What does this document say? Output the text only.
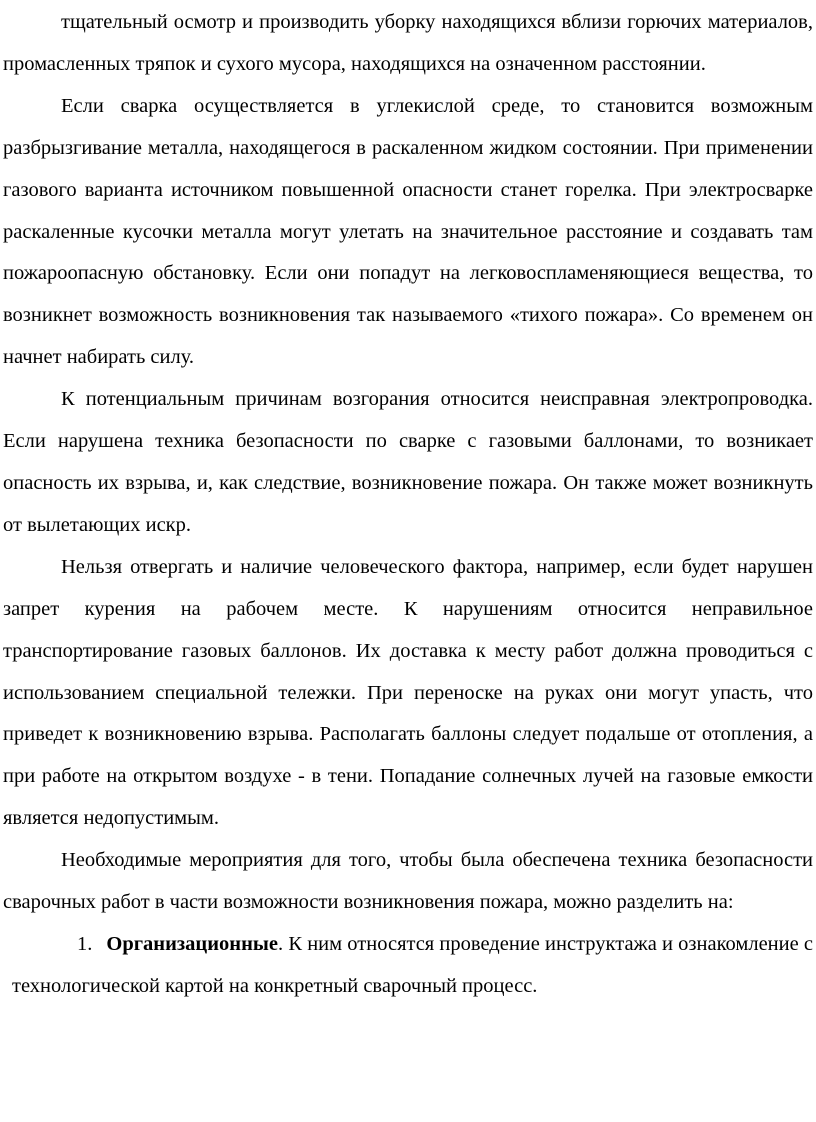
тщательный осмотр и производить уборку находящихся вблизи горючих материалов, промасленных тряпок и сухого мусора, находящихся на означенном расстоянии.

Если сварка осуществляется в углекислой среде, то становится возможным разбрызгивание металла, находящегося в раскаленном жидком состоянии. При применении газового варианта источником повышенной опасности станет горелка. При электросварке раскаленные кусочки металла могут улетать на значительное расстояние и создавать там пожароопасную обстановку. Если они попадут на легковоспламеняющиеся вещества, то возникнет возможность возникновения так называемого «тихого пожара». Со временем он начнет набирать силу.

К потенциальным причинам возгорания относится неисправная электропроводка. Если нарушена техника безопасности по сварке с газовыми баллонами, то возникает опасность их взрыва, и, как следствие, возникновение пожара. Он также может возникнуть от вылетающих искр.

Нельзя отвергать и наличие человеческого фактора, например, если будет нарушен запрет курения на рабочем месте. К нарушениям относится неправильное транспортирование газовых баллонов. Их доставка к месту работ должна проводиться с использованием специальной тележки. При переноске на руках они могут упасть, что приведет к возникновению взрыва. Располагать баллоны следует подальше от отопления, а при работе на открытом воздухе - в тени. Попадание солнечных лучей на газовые емкости является недопустимым.

Необходимые мероприятия для того, чтобы была обеспечена техника безопасности сварочных работ в части возможности возникновения пожара, можно разделить на:

1. Организационные. К ним относятся проведение инструктажа и ознакомление с технологической картой на конкретный сварочный процесс.
